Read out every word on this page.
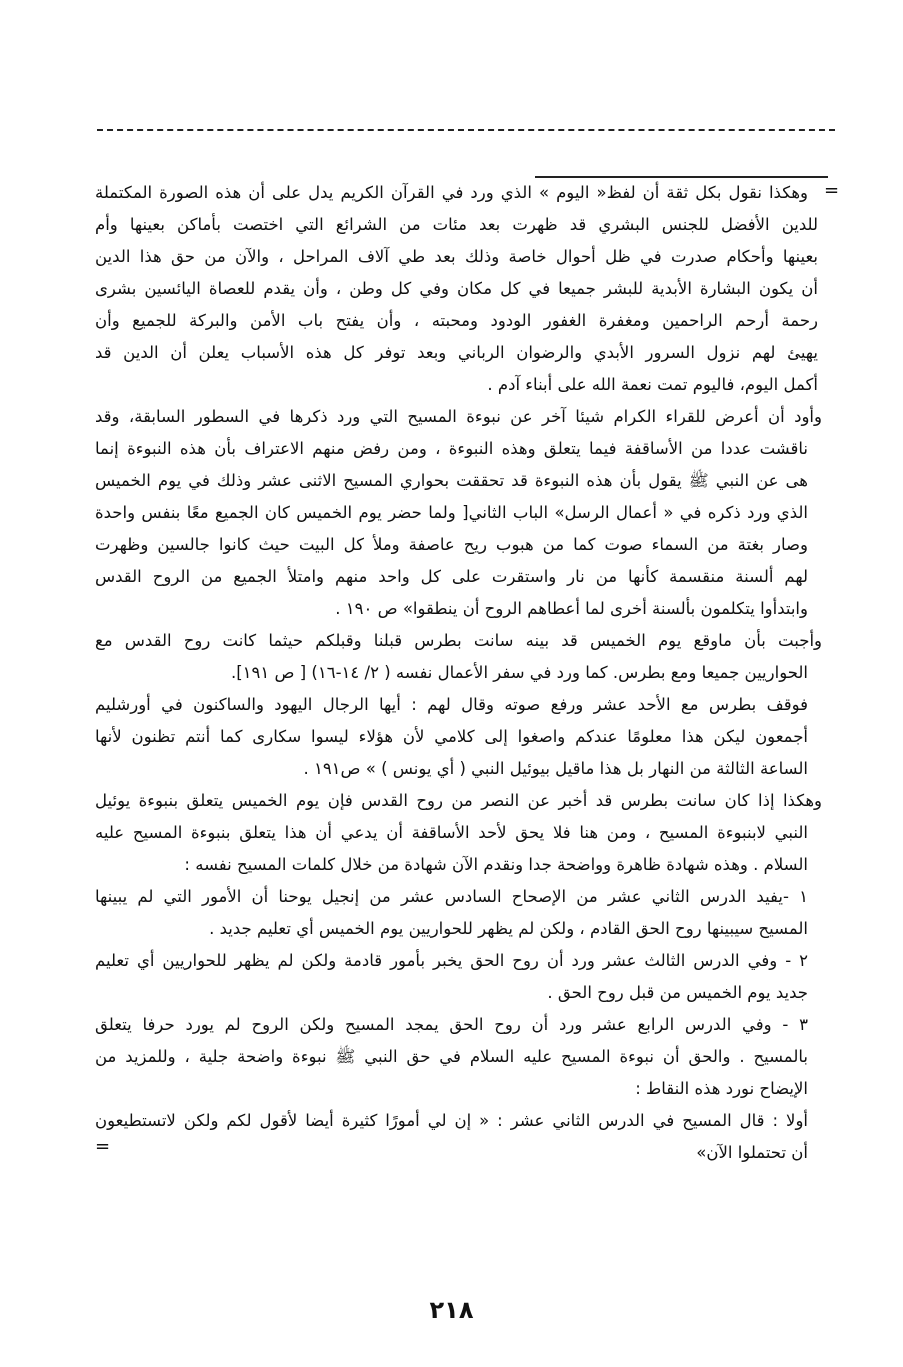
=
=
وهكذا نقول بكل ثقة أن لفظ« اليوم » الذي ورد في القرآن الكريم يدل على أن هذه الصورة المكتملة
للدين الأفضل للجنس البشري قد ظهرت بعد مئات من الشرائع التي اختصت بأماكن بعينها وأم
بعينها وأحكام صدرت في ظل أحوال خاصة وذلك بعد طي آلاف المراحل ، والآن من حق هذا الدين
أن يكون البشارة الأبدية للبشر جميعا في كل مكان وفي كل وطن ، وأن يقدم للعصاة اليائسين بشرى
رحمة أرحم الراحمين ومغفرة الغفور الودود ومحبته ، وأن يفتح باب الأمن والبركة للجميع وأن
يهيئ لهم نزول السرور الأبدي والرضوان الرباني وبعد توفر كل هذه الأسباب يعلن أن الدين قد
أكمل اليوم، فاليوم تمت نعمة الله على أبناء آدم .
وأود أن أعرض للقراء الكرام شيئا آخر عن نبوءة المسيح التي ورد ذكرها في السطور السابقة، وقد
ناقشت عددا من الأساقفة فيما يتعلق وهذه النبوءة ، ومن رفض منهم الاعتراف بأن هذه النبوءة إنما
هى عن النبي ﷺ يقول بأن هذه النبوءة قد تحققت بحواري المسيح الاثنى عشر وذلك في يوم الخميس
الذي ورد ذكره في « أعمال الرسل» الباب الثاني[ ولما حضر يوم الخميس كان الجميع معًا بنفس واحدة
وصار بغتة من السماء صوت كما من هبوب ريح عاصفة وملأ كل البيت حيث كانوا جالسين وظهرت
لهم ألسنة منقسمة كأنها من نار واستقرت على كل واحد منهم وامتلأ الجميع من الروح القدس
وابتدأوا يتكلمون بألسنة أخرى لما أعطاهم الروح أن ينطقوا» ص ١٩٠ .
وأجبت بأن ماوقع يوم الخميس قد بينه سانت بطرس قبلنا وقبلكم حيثما كانت روح القدس مع
الحواريين جميعا ومع بطرس. كما ورد في سفر الأعمال نفسه ( ٢/ ١٤-١٦) [ ص ١٩١].
فوقف بطرس مع الأحد عشر ورفع صوته وقال لهم : أيها الرجال اليهود والساكنون في أورشليم
أجمعون ليكن هذا معلومًا عندكم واصغوا إلى كلامي لأن هؤلاء ليسوا سكارى كما أنتم تظنون لأنها
الساعة الثالثة من النهار بل هذا ماقيل بيوئيل النبي ( أي يونس ) » ص١٩١ .
وهكذا إذا كان سانت بطرس قد أخبر عن النصر من روح القدس فإن يوم الخميس يتعلق بنبوءة يوئيل
النبي لابنبوءة المسيح ، ومن هنا فلا يحق لأحد الأساقفة أن يدعي أن هذا يتعلق بنبوءة المسيح عليه
السلام . وهذه شهادة ظاهرة وواضحة جدا ونقدم الآن شهادة من خلال كلمات المسيح نفسه :
١ -يفيد الدرس الثاني عشر من الإصحاح السادس عشر من إنجيل يوحنا أن الأمور التي لم يبينها
المسيح سيبينها روح الحق القادم ، ولكن لم يظهر للحواريين يوم الخميس أي تعليم جديد .
٢ - وفي الدرس الثالث عشر ورد أن روح الحق يخبر بأمور قادمة ولكن لم يظهر للحواريين أي تعليم
جديد يوم الخميس من قبل روح الحق .
٣ - وفي الدرس الرابع عشر ورد أن روح الحق يمجد المسيح ولكن الروح لم يورد حرفا يتعلق
بالمسيح . والحق أن نبوءة المسيح عليه السلام في حق النبي ﷺ نبوءة واضحة جلية ، وللمزيد من
الإيضاح نورد هذه النقاط :
أولا : قال المسيح في الدرس الثاني عشر : « إن لي أمورًا كثيرة أيضا لأقول لكم ولكن لاتستطيعون
أن تحتملوا الآن»
٢١٨
